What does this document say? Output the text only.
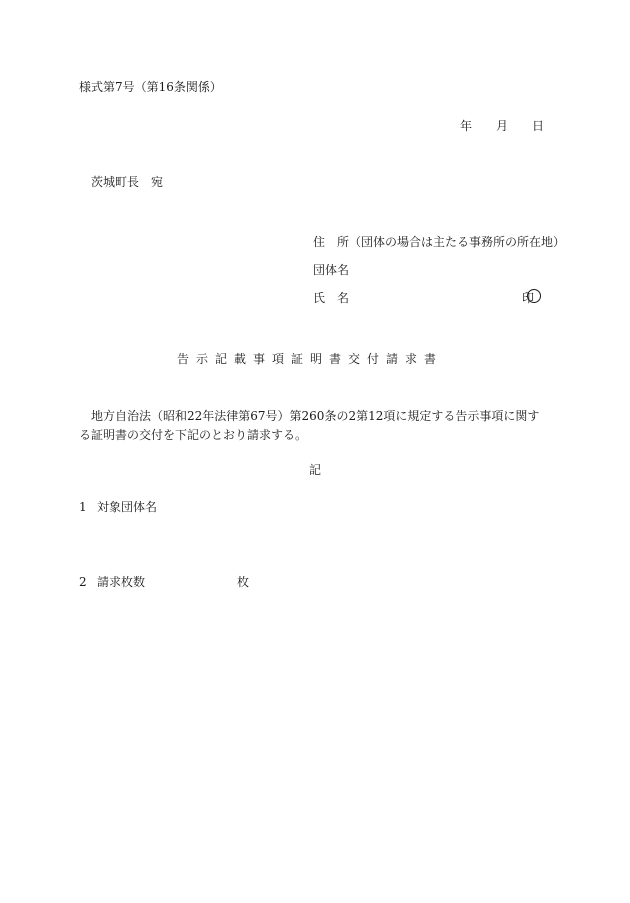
様式第7号（第16条関係）
年 月 日
茨城町長 宛
住 所（団体の場合は主たる事務所の所在地）
団体名
氏 名	印
告示記載事項証明書交付請求書
地方自治法（昭和22年法律第67号）第260条の2第12項に規定する告示事項に関する証明書の交付を下記のとおり請求する。
記
1 対象団体名
2 請求枚数	枚
